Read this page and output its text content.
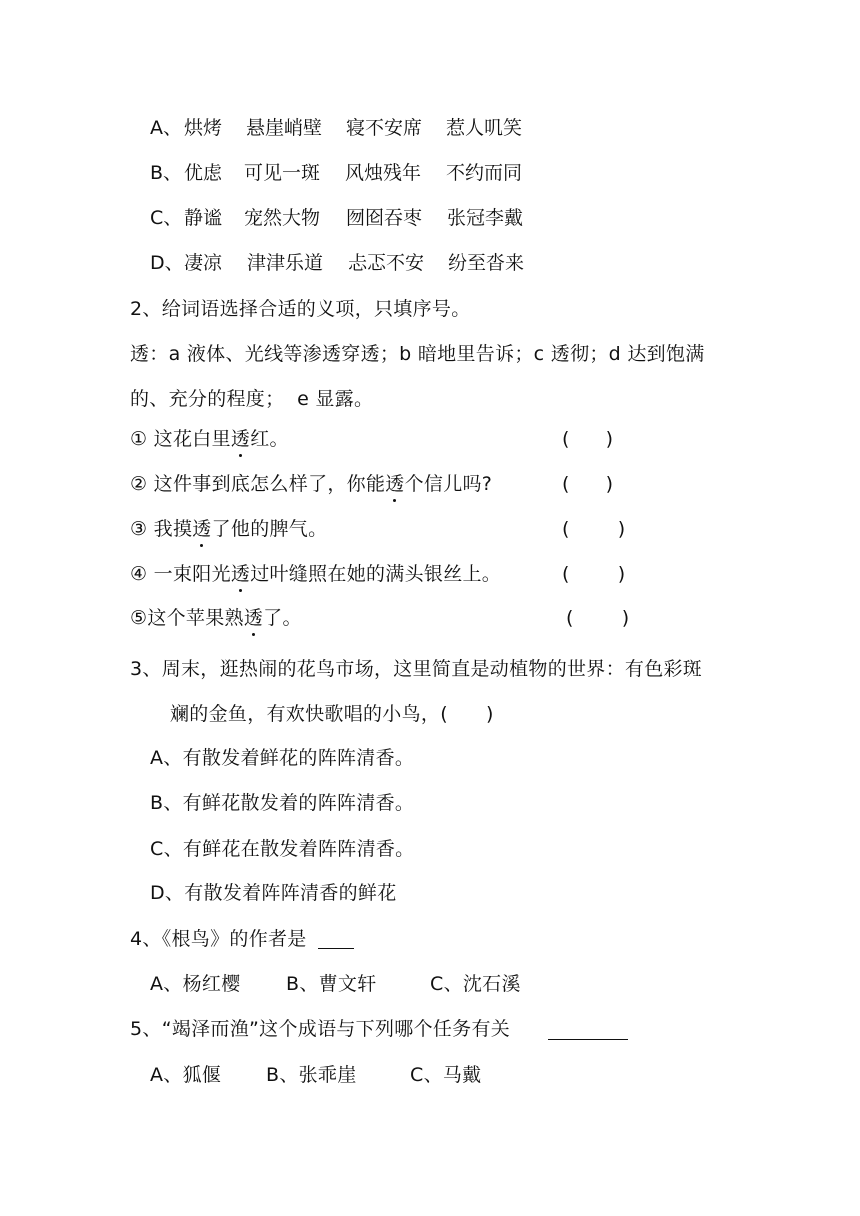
A、

烘烤

悬崖峭壁

寝不安席

惹人叽笑

B、

优虑

可见一斑

风烛残年

不约而同

C、

静谧

宠然大物

囫囵吞枣

张冠李戴

D、

凄凉

津津乐道

忐忑不安

纷至沓来

2、给词语选择合适的义项，只填序号。
透：a 液体、光线等渗透穿透；b 暗地里告诉；c 透彻；d 达到饱满
的、充分的程度；  e 显露。
① 这花白里透红。	(      )
② 这件事到底怎么样了，你能透个信儿吗?	(      )
③ 我摸透了他的脾气。	(        )
④ 一束阳光透过叶缝照在她的满头银丝上。	(        )
⑤这个苹果熟透了。	(        )
3、周末，逛热闹的花鸟市场，这里简直是动植物的世界：有色彩斑
斓的金鱼，有欢快歌唱的小鸟，(      )
A、有散发着鲜花的阵阵清香。
B、有鲜花散发着的阵阵清香。
C、有鲜花在散发着阵阵清香。
D、有散发着阵阵清香的鲜花
4、《根鸟》的作者是
A、杨红樱 B、曹文轩	C、沈石溪
5、“竭泽而渔”这个成语与下列哪个任务有关
A、狐偃 B、张乖崖	C、马戴
